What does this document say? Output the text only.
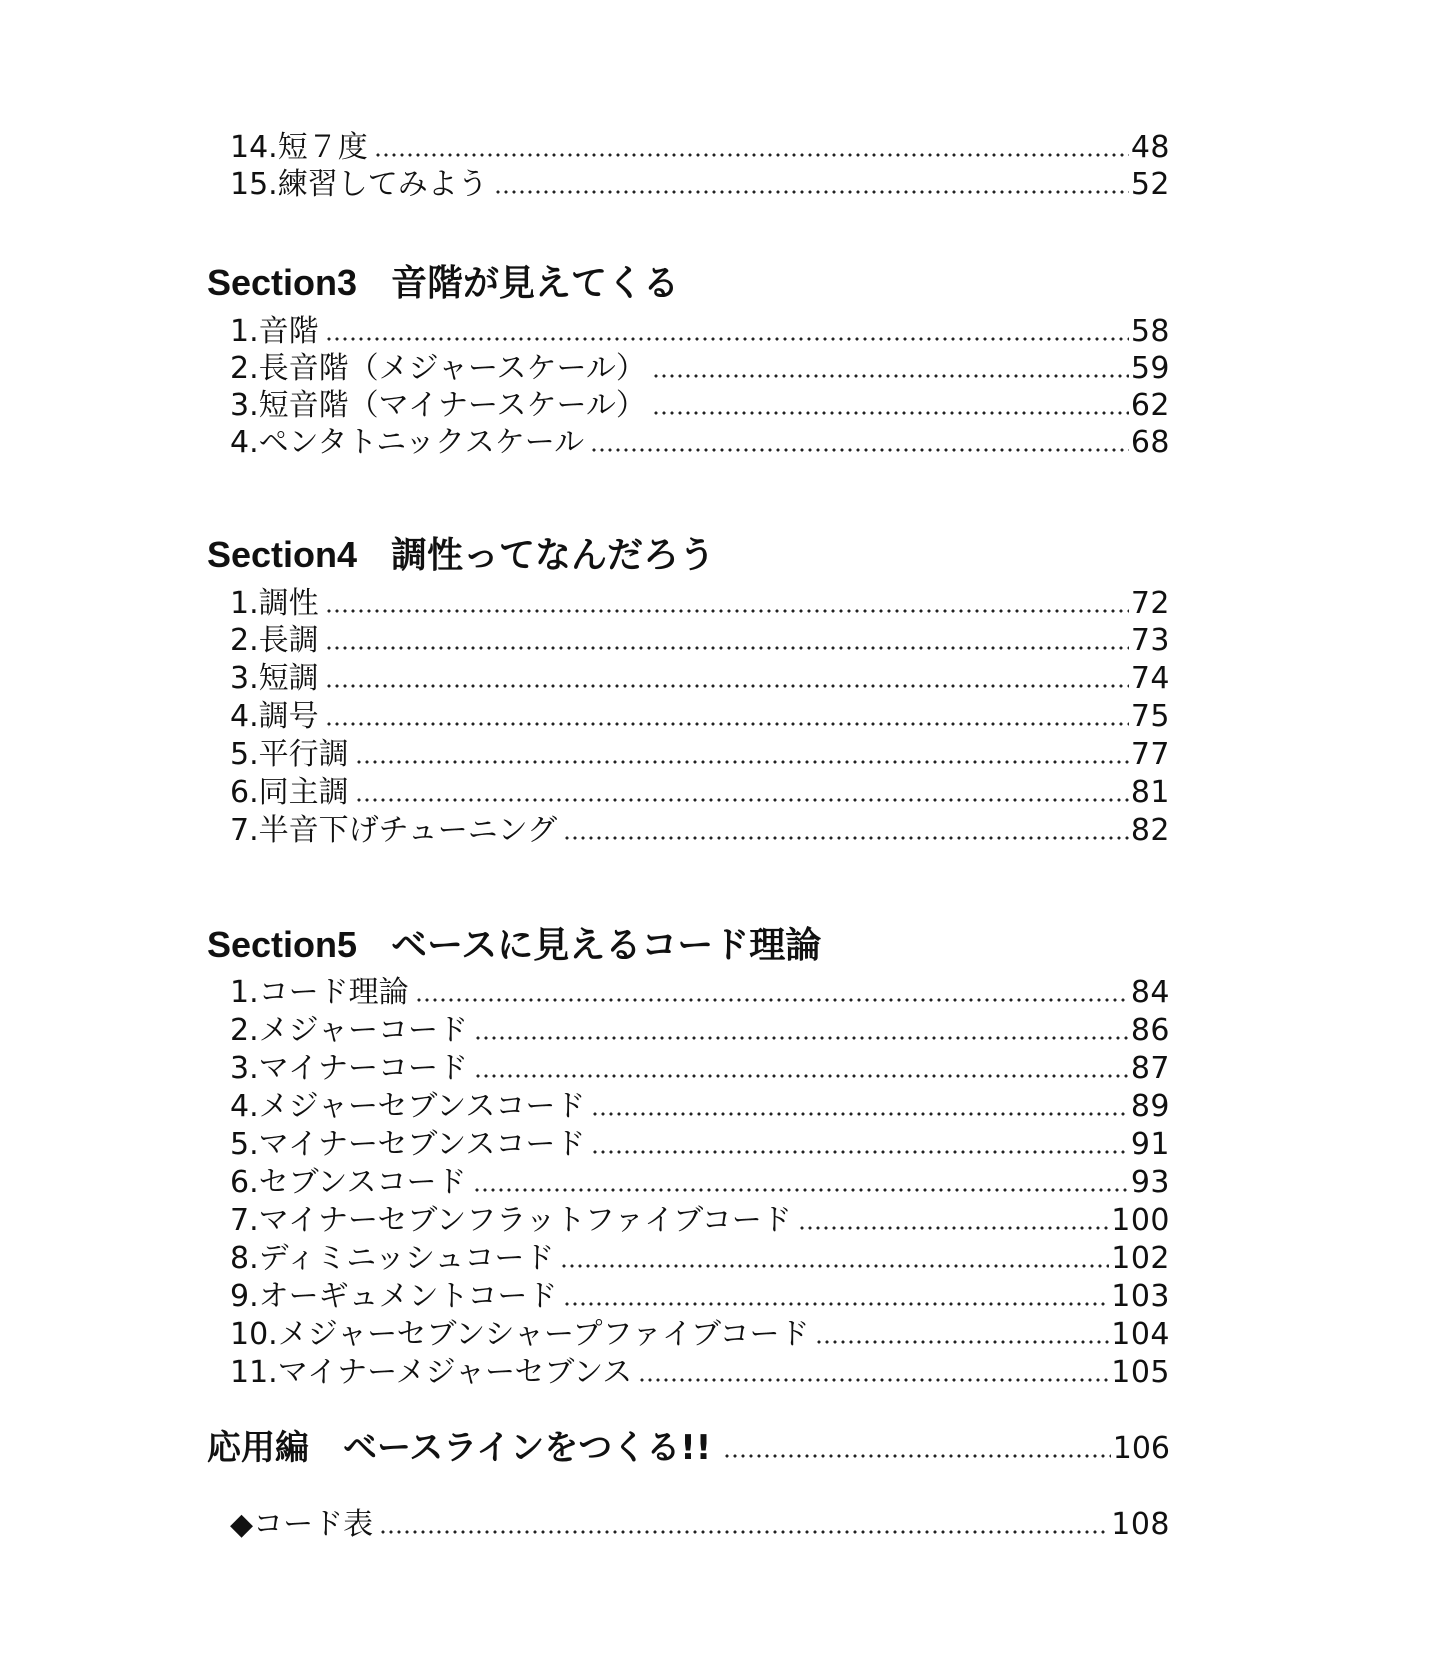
14.短７度	48
15.練習してみよう	52
Section3 音階が見えてくる
1.音階	58
2.長音階（メジャースケール）	59
3.短音階（マイナースケール）	62
4.ペンタトニックスケール	68
Section4 調性ってなんだろう
1.調性	72
2.長調	73
3.短調	74
4.調号	75
5.平行調	77
6.同主調	81
7.半音下げチューニング	82
Section5 ベースに見えるコード理論
1.コード理論	84
2.メジャーコード	86
3.マイナーコード	87
4.メジャーセブンスコード	89
5.マイナーセブンスコード	91
6.セブンスコード	93
7.マイナーセブンフラットファイブコード	100
8.ディミニッシュコード	102
9.オーギュメントコード	103
10.メジャーセブンシャープファイブコード	104
11.マイナーメジャーセブンス	105
応用編　ベースラインをつくる!!	106
◆コード表	108
